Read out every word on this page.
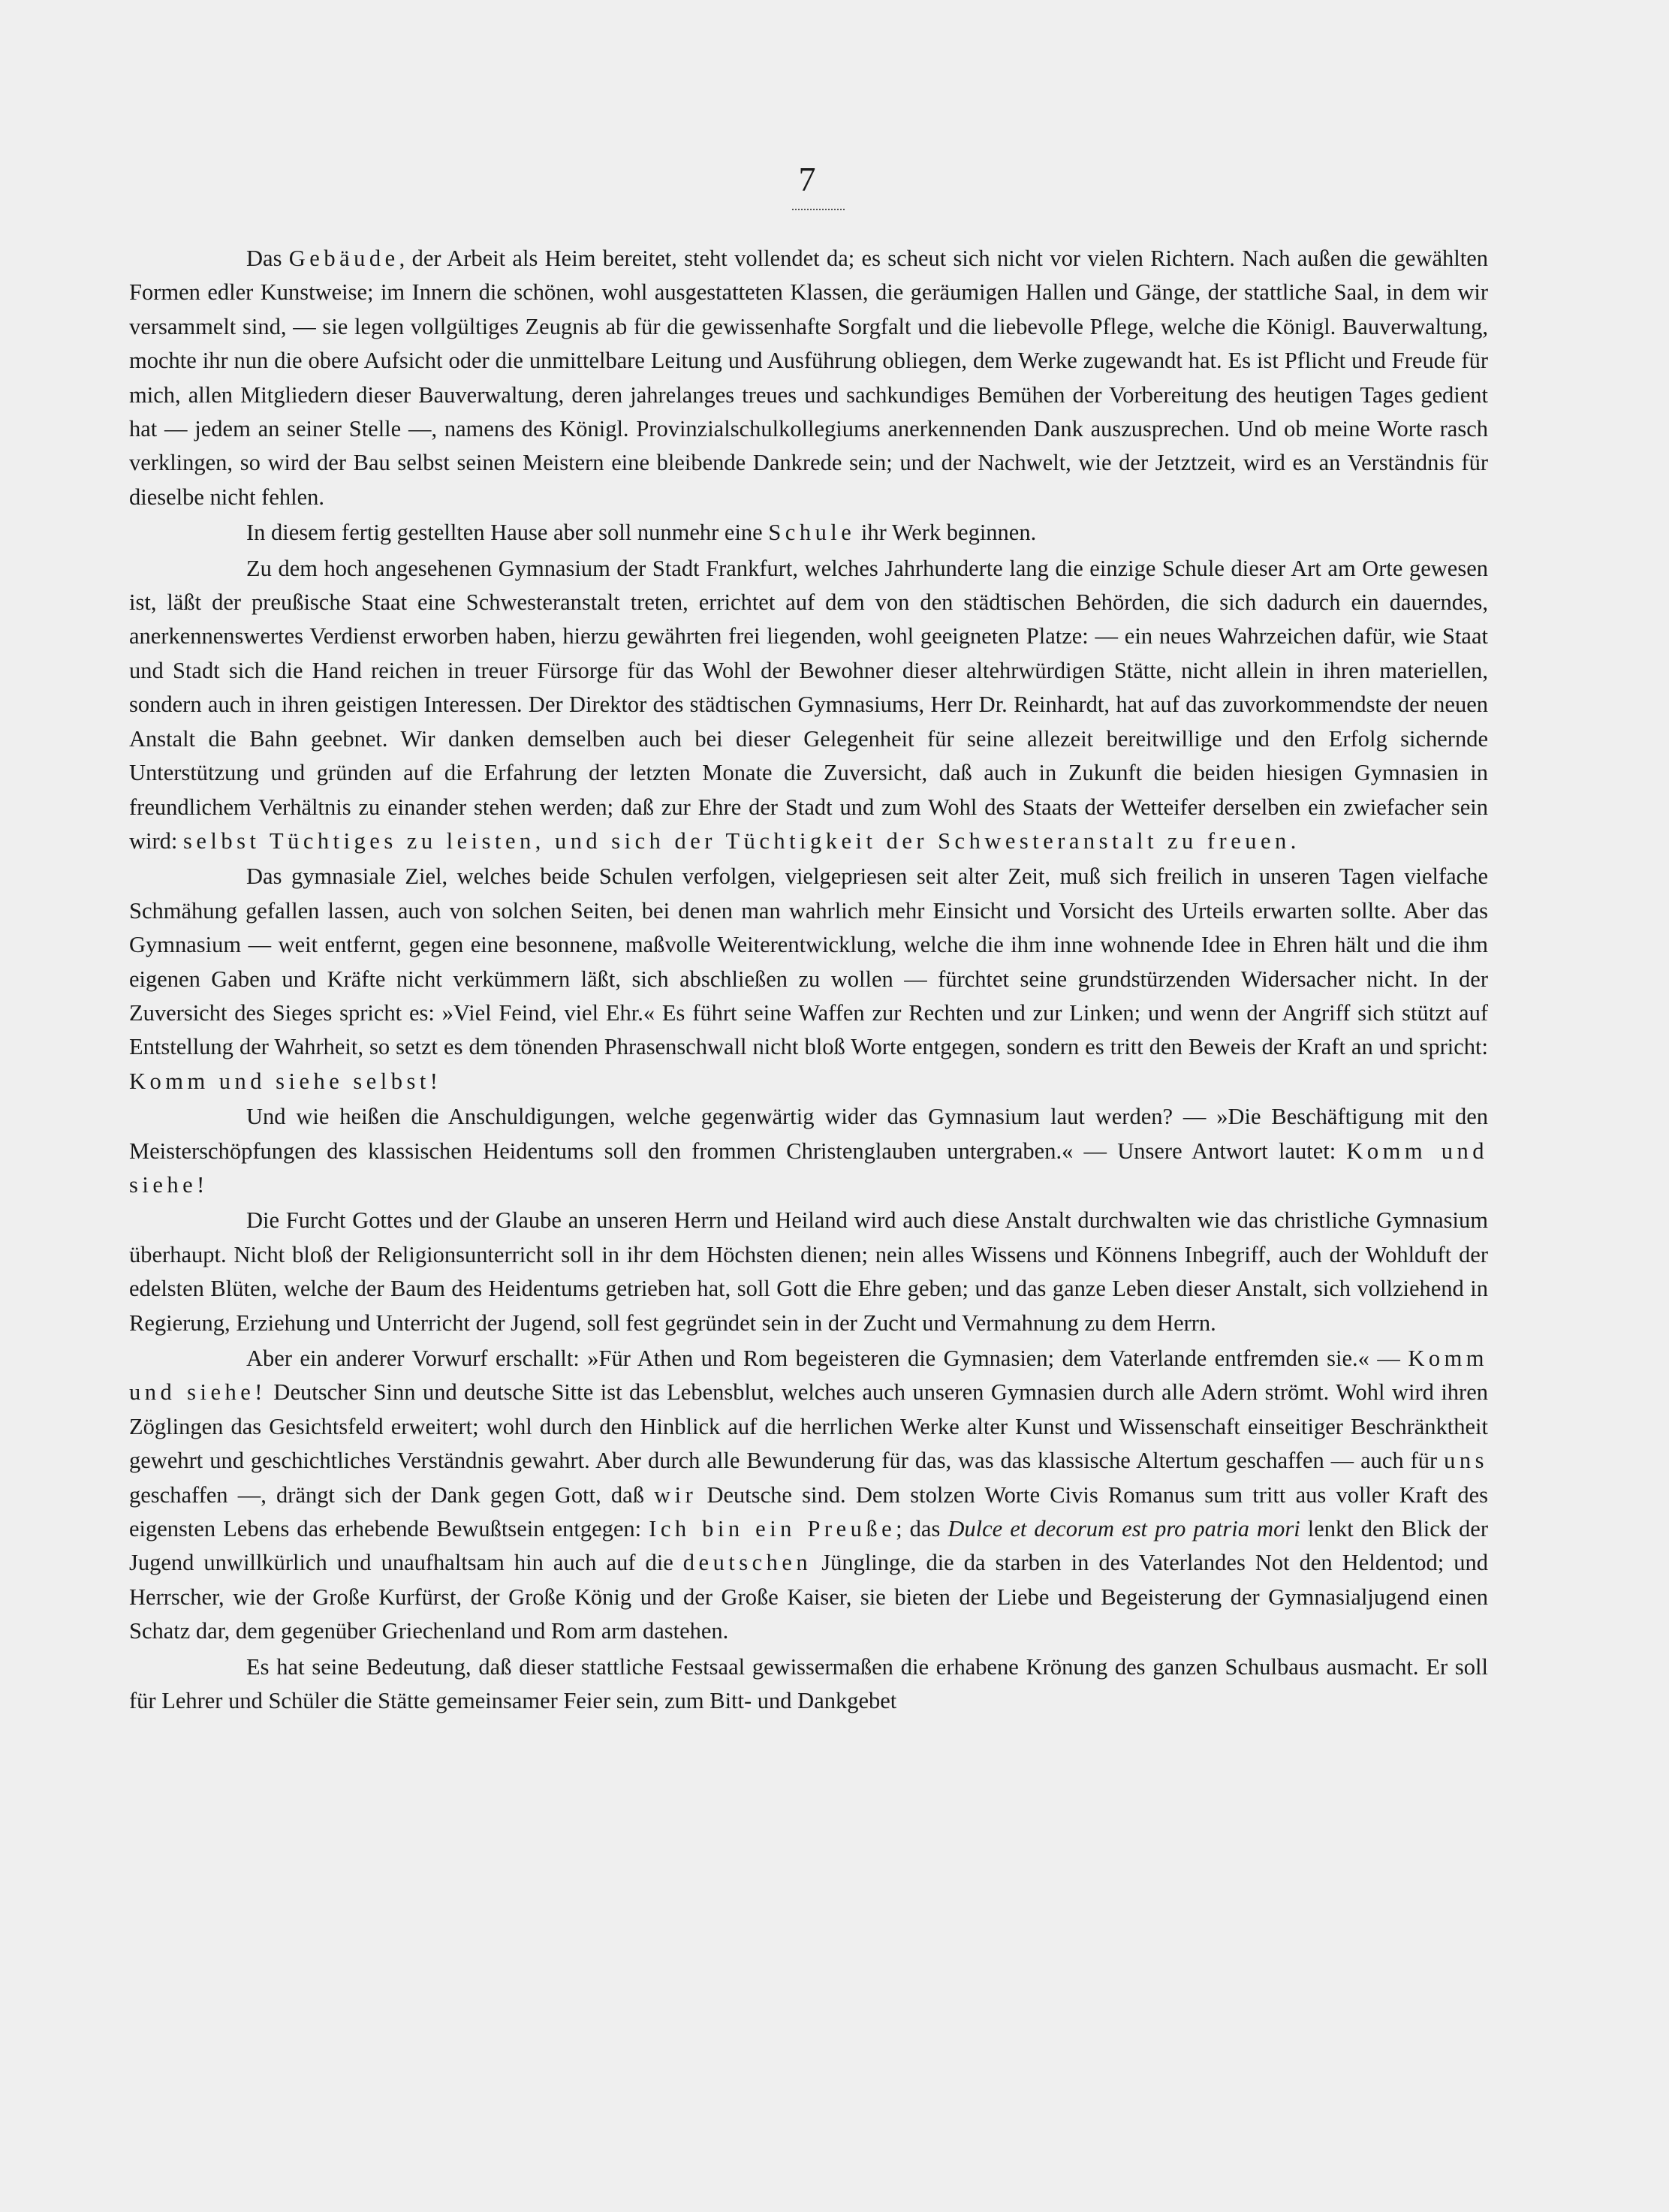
7

Das Gebäude, der Arbeit als Heim bereitet, steht vollendet da; es scheut sich nicht vor vielen Richtern. Nach außen die gewählten Formen edler Kunstweise; im Innern die schönen, wohl ausgestatteten Klassen, die geräumigen Hallen und Gänge, der stattliche Saal, in dem wir versammelt sind, — sie legen vollgültiges Zeugnis ab für die gewissenhafte Sorgfalt und die liebevolle Pflege, welche die Königl. Bauverwaltung, mochte ihr nun die obere Aufsicht oder die unmittelbare Leitung und Ausführung obliegen, dem Werke zugewandt hat. Es ist Pflicht und Freude für mich, allen Mitgliedern dieser Bauverwaltung, deren jahrelanges treues und sachkundiges Bemühen der Vorbereitung des heutigen Tages gedient hat — jedem an seiner Stelle —, namens des Königl. Provinzialschulkollegiums anerkennenden Dank auszusprechen. Und ob meine Worte rasch verklingen, so wird der Bau selbst seinen Meistern eine bleibende Dankrede sein; und der Nachwelt, wie der Jetztzeit, wird es an Verständnis für dieselbe nicht fehlen.

In diesem fertig gestellten Hause aber soll nunmehr eine Schule ihr Werk beginnen.

Zu dem hoch angesehenen Gymnasium der Stadt Frankfurt, welches Jahrhunderte lang die einzige Schule dieser Art am Orte gewesen ist, läßt der preußische Staat eine Schwesteranstalt treten, errichtet auf dem von den städtischen Behörden, die sich dadurch ein dauerndes, anerkennenswertes Verdienst erworben haben, hierzu gewährten frei liegenden, wohl geeigneten Platze: — ein neues Wahrzeichen dafür, wie Staat und Stadt sich die Hand reichen in treuer Fürsorge für das Wohl der Bewohner dieser altehrwürdigen Stätte, nicht allein in ihren materiellen, sondern auch in ihren geistigen Interessen. Der Direktor des städtischen Gymnasiums, Herr Dr. Reinhardt, hat auf das zuvorkommendste der neuen Anstalt die Bahn geebnet. Wir danken demselben auch bei dieser Gelegenheit für seine allezeit bereitwillige und den Erfolg sichernde Unterstützung und gründen auf die Erfahrung der letzten Monate die Zuversicht, daß auch in Zukunft die beiden hiesigen Gymnasien in freundlichem Verhältnis zu einander stehen werden; daß zur Ehre der Stadt und zum Wohl des Staats der Wetteifer derselben ein zwiefacher sein wird: selbst Tüchtiges zu leisten, und sich der Tüchtigkeit der Schwesteranstalt zu freuen.

Das gymnasiale Ziel, welches beide Schulen verfolgen, vielgepriesen seit alter Zeit, muß sich freilich in unseren Tagen vielfache Schmähung gefallen lassen, auch von solchen Seiten, bei denen man wahrlich mehr Einsicht und Vorsicht des Urteils erwarten sollte. Aber das Gymnasium — weit entfernt, gegen eine besonnene, maßvolle Weiterentwicklung, welche die ihm inne wohnende Idee in Ehren hält und die ihm eigenen Gaben und Kräfte nicht verkümmern läßt, sich abschließen zu wollen — fürchtet seine grundstürzenden Widersacher nicht. In der Zuversicht des Sieges spricht es: »Viel Feind, viel Ehr.« Es führt seine Waffen zur Rechten und zur Linken; und wenn der Angriff sich stützt auf Entstellung der Wahrheit, so setzt es dem tönenden Phrasenschwall nicht bloß Worte entgegen, sondern es tritt den Beweis der Kraft an und spricht: Komm und siehe selbst!

Und wie heißen die Anschuldigungen, welche gegenwärtig wider das Gymnasium laut werden? — »Die Beschäftigung mit den Meisterschöpfungen des klassischen Heidentums soll den frommen Christenglauben untergraben.« — Unsere Antwort lautet: Komm und siehe!

Die Furcht Gottes und der Glaube an unseren Herrn und Heiland wird auch diese Anstalt durchwalten wie das christliche Gymnasium überhaupt. Nicht bloß der Religionsunterricht soll in ihr dem Höchsten dienen; nein alles Wissens und Könnens Inbegriff, auch der Wohlduft der edelsten Blüten, welche der Baum des Heidentums getrieben hat, soll Gott die Ehre geben; und das ganze Leben dieser Anstalt, sich vollziehend in Regierung, Erziehung und Unterricht der Jugend, soll fest gegründet sein in der Zucht und Vermahnung zu dem Herrn.

Aber ein anderer Vorwurf erschallt: »Für Athen und Rom begeisteren die Gymnasien; dem Vaterlande entfremden sie.« — Komm und siehe! Deutscher Sinn und deutsche Sitte ist das Lebensblut, welches auch unseren Gymnasien durch alle Adern strömt. Wohl wird ihren Zöglingen das Gesichtsfeld erweitert; wohl durch den Hinblick auf die herrlichen Werke alter Kunst und Wissenschaft einseitiger Beschränktheit gewehrt und geschichtliches Verständnis gewahrt. Aber durch alle Bewunderung für das, was das klassische Altertum geschaffen — auch für uns geschaffen —, drängt sich der Dank gegen Gott, daß wir Deutsche sind. Dem stolzen Worte Civis Romanus sum tritt aus voller Kraft des eigensten Lebens das erhebende Bewußtsein entgegen: Ich bin ein Preuße; das Dulce et decorum est pro patria mori lenkt den Blick der Jugend unwillkürlich und unaufhaltsam hin auch auf die deutschen Jünglinge, die da starben in des Vaterlandes Not den Heldentod; und Herrscher, wie der Große Kurfürst, der Große König und der Große Kaiser, sie bieten der Liebe und Begeisterung der Gymnasialjugend einen Schatz dar, dem gegenüber Griechenland und Rom arm dastehen.

Es hat seine Bedeutung, daß dieser stattliche Festsaal gewissermaßen die erhabene Krönung des ganzen Schulbaus ausmacht. Er soll für Lehrer und Schüler die Stätte gemeinsamer Feier sein, zum Bitt- und Dankgebet
